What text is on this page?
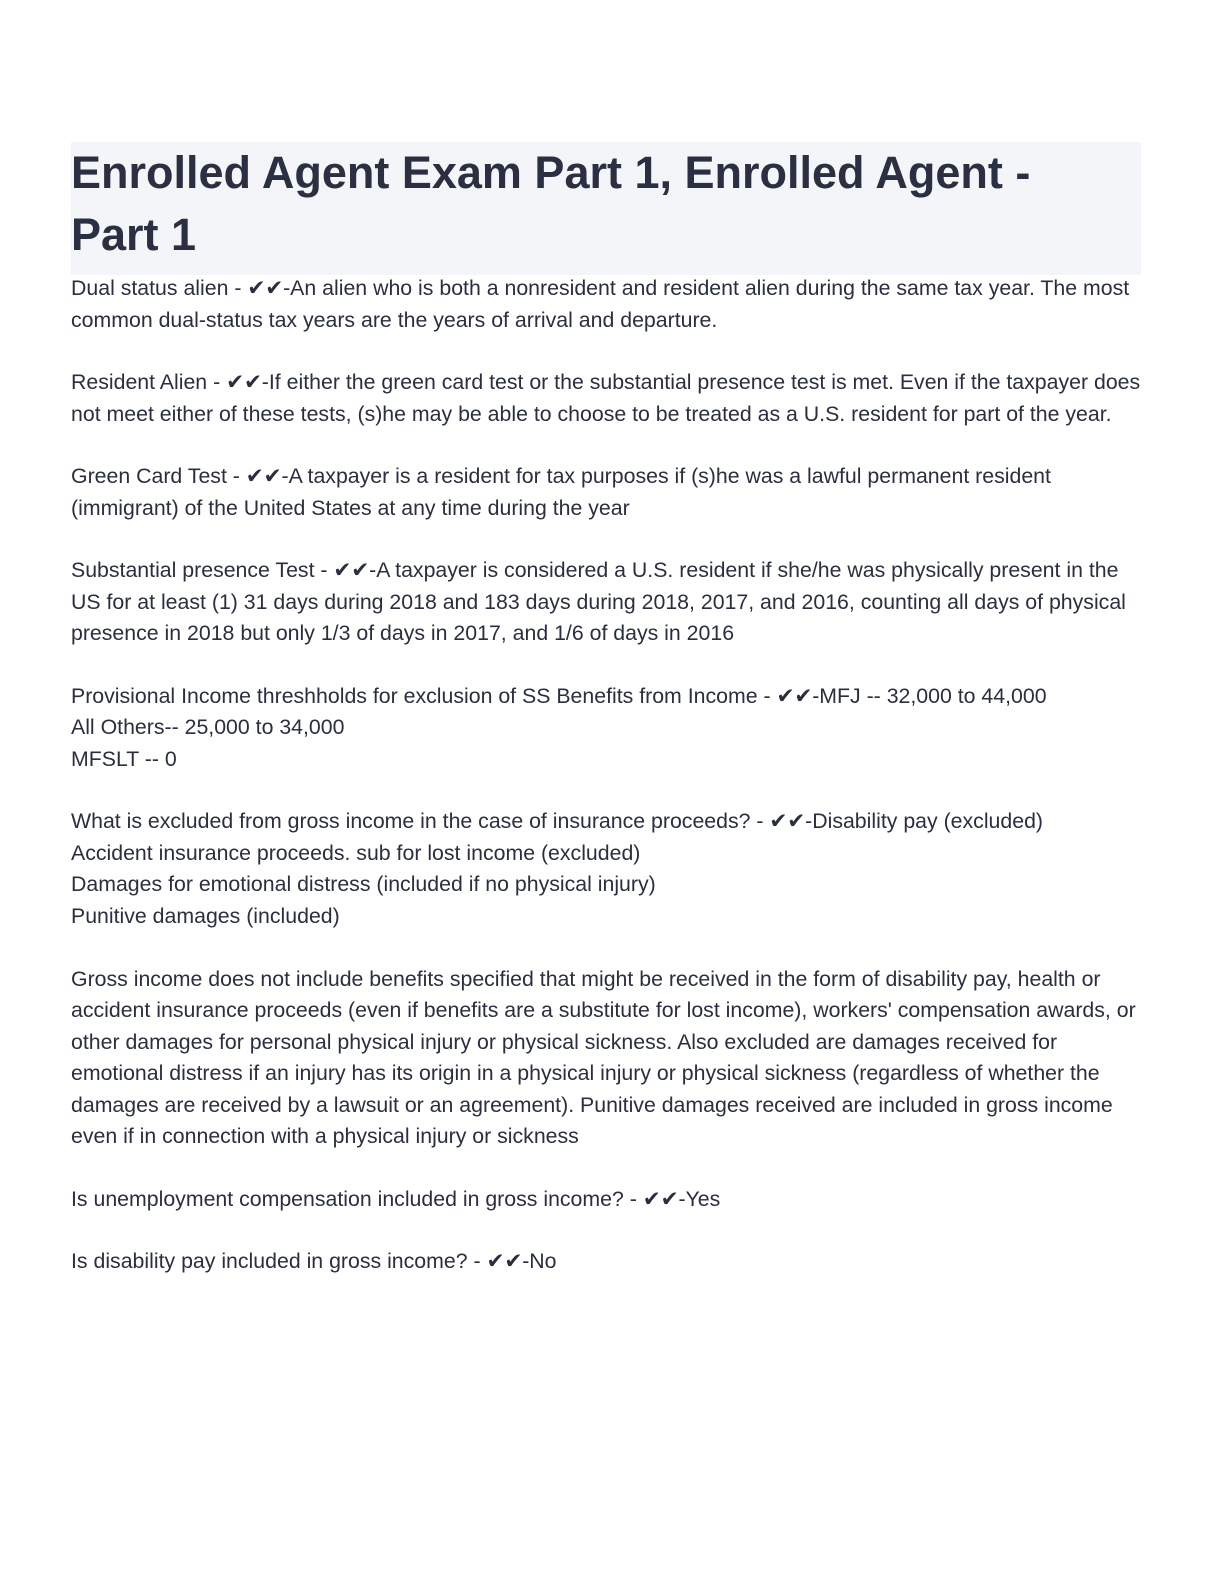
Enrolled Agent Exam Part 1, Enrolled Agent -
Part 1

Dual status alien - ✔✔-An alien who is both a nonresident and resident alien during the same tax year. The most common dual-status tax years are the years of arrival and departure.

Resident Alien - ✔✔-If either the green card test or the substantial presence test is met. Even if the taxpayer does not meet either of these tests, (s)he may be able to choose to be treated as a U.S. resident for part of the year.

Green Card Test - ✔✔-A taxpayer is a resident for tax purposes if (s)he was a lawful permanent resident (immigrant) of the United States at any time during the year

Substantial presence Test - ✔✔-A taxpayer is considered a U.S. resident if she/he was physically present in the US for at least (1) 31 days during 2018 and 183 days during 2018, 2017, and 2016, counting all days of physical presence in 2018 but only 1/3 of days in 2017, and 1/6 of days in 2016

Provisional Income threshholds for exclusion of SS Benefits from Income - ✔✔-MFJ -- 32,000 to 44,000
All Others-- 25,000 to 34,000
MFSLT -- 0

What is excluded from gross income in the case of insurance proceeds? - ✔✔-Disability pay (excluded)
Accident insurance proceeds. sub for lost income (excluded)
Damages for emotional distress (included if no physical injury)
Punitive damages (included)

Gross income does not include benefits specified that might be received in the form of disability pay, health or accident insurance proceeds (even if benefits are a substitute for lost income), workers' compensation awards, or other damages for personal physical injury or physical sickness. Also excluded are damages received for emotional distress if an injury has its origin in a physical injury or physical sickness (regardless of whether the damages are received by a lawsuit or an agreement). Punitive damages received are included in gross income even if in connection with a physical injury or sickness

Is unemployment compensation included in gross income? - ✔✔-Yes

Is disability pay included in gross income? - ✔✔-No
